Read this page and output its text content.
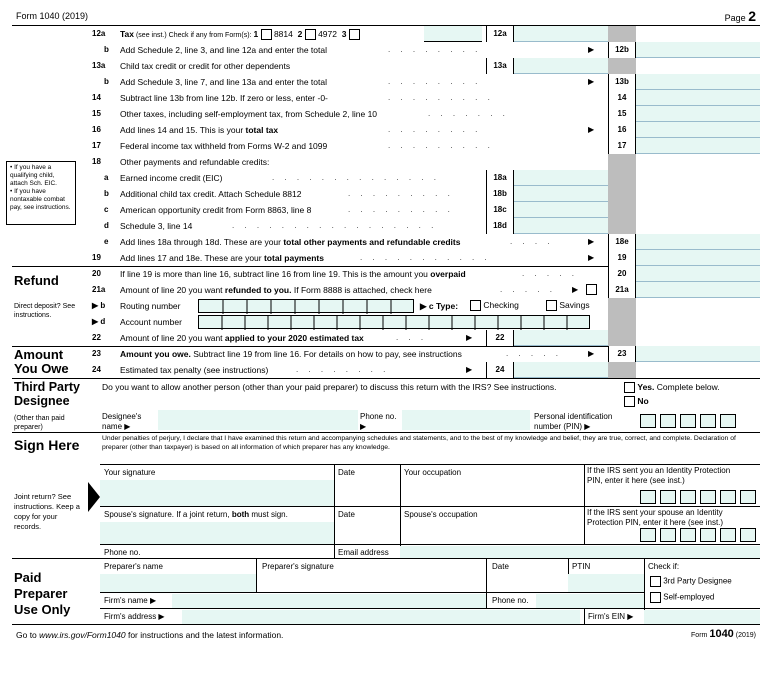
Form 1040 (2019)	Page 2
12a	Tax (see inst.) Check if any from Form(s): 1 8814 2 4972 3	12a
b	Add Schedule 2, line 3, and line 12a and enter the total	. . . . . . . .	▶	12b
13a	Child tax credit or credit for other dependents	13a
b	Add Schedule 3, line 7, and line 13a and enter the total	. . . . . . . .	▶	13b
14	Subtract line 13b from line 12b. If zero or less, enter -0-	. . . . . . . . .	14
15	Other taxes, including self-employment tax, from Schedule 2, line 10	. . . . . . .	15
16	Add lines 14 and 15. This is your total tax	. . . . . . . .	▶	16
17	Federal income tax withheld from Forms W-2 and 1099	. . . . . . . . .	17
• If you have a qualifying child, attach Sch. EIC.
• If you have nontaxable combat pay, see instructions.
18	Other payments and refundable credits:
a	Earned income credit (EIC)	. . . . . . . . . . . . . .	18a
b	Additional child tax credit. Attach Schedule 8812	. . . . . . . . .	18b
c	American opportunity credit from Form 8863, line 8	. . . . . . . . .	18c
d	Schedule 3, line 14	. . . . . . . . . . . . . . . . .	18d
e	Add lines 18a through 18d. These are your total other payments and refundable credits	. . . .	▶	18e
19	Add lines 17 and 18e. These are your total payments	. . . . . . . . . . .	▶	19
Refund
Direct deposit? See instructions.
20	If line 19 is more than line 16, subtract line 16 from line 19. This is the amount you overpaid	. . . . .	20
21a	Amount of line 20 you want refunded to you. If Form 8888 is attached, check here	. . . . . ▶	21a
▶ b	Routing number	▶ c Type:	Checking	Savings
▶ d	Account number
22	Amount of line 20 you want applied to your 2020 estimated tax	. . .	▶	22
Amount You Owe
23	Amount you owe. Subtract line 19 from line 16. For details on how to pay, see instructions	. . . . .	▶	23
24	Estimated tax penalty (see instructions)	. . . . . . . .	▶	24
Third Party Designee
(Other than paid preparer)
Do you want to allow another person (other than your paid preparer) to discuss this return with the IRS? See instructions.	Yes. Complete below.
No
Designee's name ▶
Phone no. ▶
Personal identification number (PIN) ▶
Sign Here
Joint return? See instructions. Keep a copy for your records.
Under penalties of perjury, I declare that I have examined this return and accompanying schedules and statements, and to the best of my knowledge and belief, they are true, correct, and complete. Declaration of preparer (other than taxpayer) is based on all information of which preparer has any knowledge.
Your signature	Date	Your occupation	If the IRS sent you an Identity Protection PIN, enter it here (see inst.)
Spouse's signature. If a joint return, both must sign.	Date	Spouse's occupation	If the IRS sent your spouse an Identity Protection PIN, enter it here (see inst.)
Phone no.	Email address
Paid Preparer Use Only
Preparer's name	Preparer's signature	Date	PTIN	Check if:
3rd Party Designee
Self-employed
Firm's name ▶	Phone no.
Firm's address ▶	Firm's EIN ▶
Go to www.irs.gov/Form1040 for instructions and the latest information.	Form 1040 (2019)
